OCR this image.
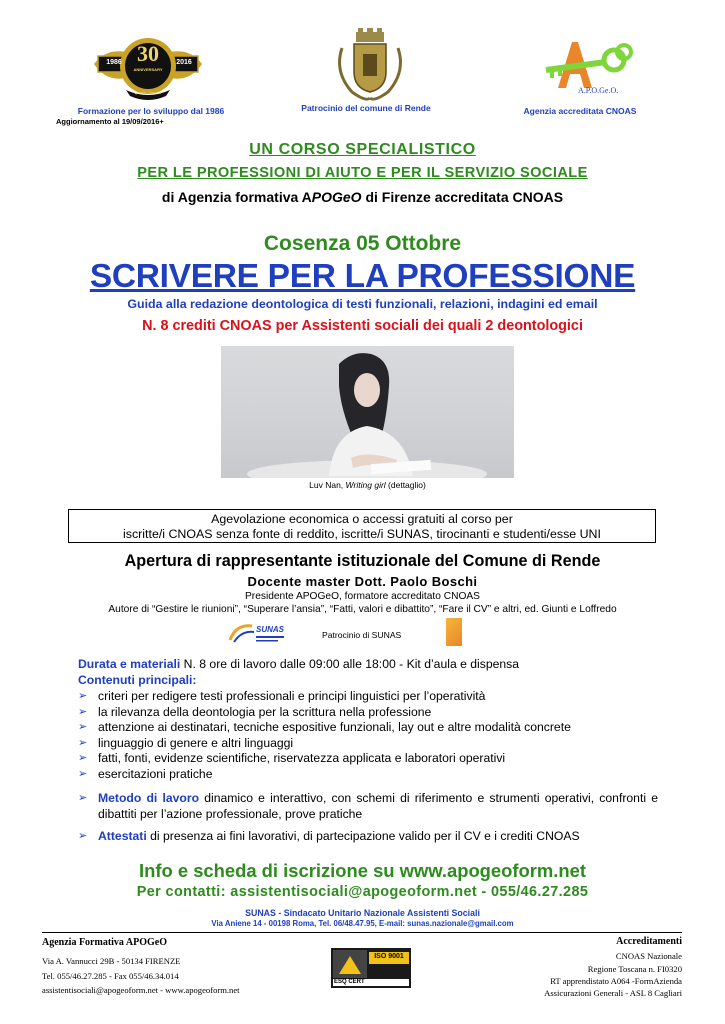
1986	2016
30
ANNIVERSARY
Quality Service	A.P.O.Ge.O.
Formazione per lo sviluppo dal 1986
Aggiornamento al 19/09/2016+
Patrocinio del comune di Rende	Agenzia accreditata CNOAS
UN CORSO SPECIALISTICO
PER LE PROFESSIONI DI AIUTO E PER IL SERVIZIO SOCIALE
di Agenzia formativa APOGeO di Firenze accreditata CNOAS
Cosenza 05 Ottobre
SCRIVERE PER LA PROFESSIONE
Guida alla redazione deontologica di testi funzionali, relazioni, indagini ed email
N. 8 crediti CNOAS per Assistenti sociali dei quali 2 deontologici
Luv Nan, Writing girl (dettaglio)
Agevolazione economica o accessi gratuiti al corso per
iscritte/i CNOAS senza fonte di reddito, iscritte/i SUNAS, tirocinanti e studenti/esse UNI
Apertura di rappresentante istituzionale del Comune di Rende
Docente master Dott. Paolo Boschi
Presidente APOGeO, formatore accreditato CNOAS
Autore di “Gestire le riunioni”, “Superare l’ansia”, “Fatti, valori e dibattito”, “Fare il CV” e altri, ed. Giunti e Loffredo
SUNAS
Patrocinio di SUNAS
Durata e materiali N. 8 ore di lavoro dalle 09:00 alle 18:00 - Kit d’aula e dispensa
Contenuti principali:
➢ criteri per redigere testi professionali e principi linguistici per l’operatività
➢ la rilevanza della deontologia per la scrittura nella professione
➢ attenzione ai destinatari, tecniche espositive funzionali, lay out e altre modalità concrete
➢ linguaggio di genere e altri linguaggi
➢ fatti, fonti, evidenze scientifiche, riservatezza applicata e laboratori operativi
➢ esercitazioni pratiche
➢ Metodo di lavoro dinamico e interattivo, con schemi di riferimento e strumenti operativi, confronti e dibattiti per l’azione professionale, prove pratiche
➢ Attestati di presenza ai fini lavorativi, di partecipazione valido per il CV e i crediti CNOAS
Info e scheda di iscrizione su www.apogeoform.net
Per contatti: assistentisociali@apogeoform.net - 055/46.27.285
SUNAS - Sindacato Unitario Nazionale Assistenti Sociali
Via Aniene 14 - 00198 Roma, Tel. 06/48.47.95, E-mail: sunas.nazionale@gmail.com
Agenzia Formativa APOGeO
Via A. Vannucci 29B - 50134 FIRENZE
Tel. 055/46.27.285 - Fax 055/46.34.014
assistentisociali@apogeoform.net - www.apogeoform.net
ISO 9001
ESQ CERT
Accreditamenti
CNOAS Nazionale
Regione Toscana n. FI0320
RT apprendistato A064 -FormAzienda
Assicurazioni Generali - ASL 8 Cagliari
